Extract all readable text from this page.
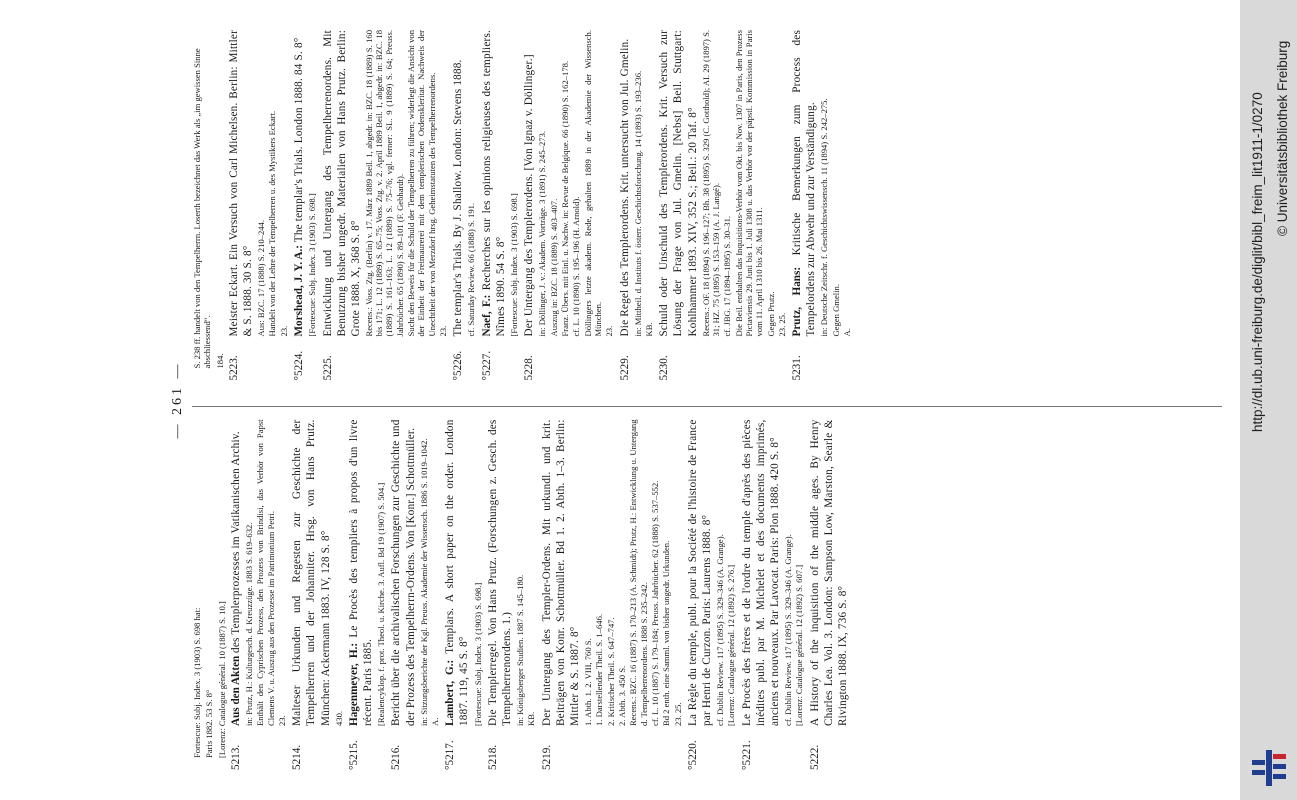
— 261 —
Fortescue: Subj. Index. 3 (1903) S. 698 hat: Paris 1882. 53 S. 8° [Lorenz: Catalogue général. 10 (1887) S. 10.] 5213.
Aus den Akten des Templerprozesses im Vatikanischen Archiv. in: Prutz, H.: Kulturgesch. d. Kreuzzüge. 1883 S. 619–632. Enthält den Cyprischen Prozess, den Prozess von Brindisi, das Verhör von Papst Clemens V. u. Auszug aus den Prozesse im Patrimonium Petri. 23.
5214.
Malteser Urkunden und Regesten zur Geschichte der Tempelherren und der Johanniter. Hrsg. von Hans Prutz. München: Ackermann 1883. IV, 128 S. 8° 430.
°5215.
Hagenmeyer, H.: Le Procès des templiers à propos d'un livre récent. Paris 1885. [Realencyklop. f. prot. Theol. u. Kirche. 3. Aufl. Bd 19 (1907) S. 504.]
5216.
Bericht über die archivalischen Forschungen zur Geschichte und der Prozess des Tempelherrn-Ordens. Von [Konr.] Schottmüller. in: Sitzungsberichte der Kgl. Preuss. Akademie der Wissensch. 1886 S. 1019–1042. A.
°5217.
Lambert, G.: Templars. A short paper on the order. London 1887. 119, 45 S. 8° [Fortescue: Subj. Index. 3 (1903) S. 698.]
5218.
Die Templerregel. Von Hans Prutz. (Forschungen z. Gesch. des Tempelherrenordens. 1.) in: Königsberger Studien. 1887 S. 145–180. KB.
5219.
Der Untergang des Templer-Ordens. Mit urkundl. und krit. Beiträgen von Konr. Schottmüller. Bd 1. 2. Abth. 1–3. Berlin: Mittler & S. 1887. 8° 1. Abth. 1. 2. VIII, 760 S. 1. Darstellender Theil. S. 1–646. 2. Kritischer Theil. S. 647–747. 2. Abth. 3. 450 S. Recens.: BZC. 16 (1887) S. 170–213 (A. Schmidt); Prutz, H.: Entwicklung u. Untergang d. Tempelherrenordens. 1888 S. 235–242. cf. L. 10 (1887) S. 179–184; Preuss. Jahrbücher. 62 (1888) S. 537–552. Bd 2 enth. eine Samml. von bisher ungedr. Urkunden. 23. 25.
°5220.
La Règle du temple, publ. pour la Société de l'histoire de France par Henri de Curzon. Paris: Laurens 1888. 8° cf. Dublin Review. 117 (1895) S. 329–346 (A. Grange). [Lorenz: Catalogue général. 12 (1892) S. 276.]
°5221.
Le Procès des frères et de l'ordre du temple d'après des pièces inédites publ. par M. Michelet et des documents imprimés, anciens et nouveaux. Par Lavocat. Paris: Plon 1888. 420 S. 8° cf. Dublin Review. 117 (1895) S. 329–346 (A. Grange). [Lorenz: Catalogue général. 12 (1892) S. 607.]
5222.
A History of the inquisition of the middle ages. By Henry Charles Lea. Vol. 3. London: Sampson Low, Marston, Searle & Rivington 1888. IX, 736 S. 8°
S. 238 ff. handelt von den Tempelherrn. Loserth bezeichnet das Werk als „im gewissen Sinne abschliessend“. 184. 5223.
Meister Eckart. Ein Versuch von Carl Michelsen. Berlin: Mittler & S. 1888. 30 S. 8° Aus: BZC. 17 (1888) S. 210–244. Handelt von der Lehre der Tempelherren u. des Mystikers Eckart. 23.
°5224.
Morshead, J. Y. A.: The templar's Trials. London 1888. 84 S. 8°
[Fortescue: Subj. Index. 3 (1903) S. 698.]
5225.
Entwicklung und Untergang des Tempelherrenordens. Mit Benutzung bisher ungedr. Materialien von Hans Prutz. Berlin: Grote 1888. X, 368 S. 8° Recens.: Voss. Ztg. (Berlin) v. 17. März 1889 Beil. 1, abgedr. in: BZC. 18 (1889) S. 160 bis 171; L. 12 (1889) S. 65–75; Voss. Ztg. v. 2. April 1889 Beil. 1, abgedr. in: BZC. 18 (1889) S. 161–163; L. 12 (1889) S. 75–76; vgl. ferner: SL. 9 (1889) S. 64; Preuss. Jahrbücher. 65 (1890) S. 89–101 (F. Gebhardt). Sucht den Beweis für die Schuld der Tempelherren zu führen; widerlegt die Ansicht von der Einheit der Freimaurerei mit dem templerischen Ordenskleritat. Nachweis der Unechtheit der von Merzdorf hrsg. Geheimstatuten des Tempelherrenordens. 23.
°5226.
The templar's Trials. By J. Shallow. London: Stevens 1888. cf. Saturday Review. 66 (1888) S. 191.
°5227.
Naef, F.: Recherches sur les opinions religieuses des templiers. Nîmes 1890. 54 S. 8° [Fortescue: Subj. Index. 3 (1903) S. 698.]
5228.
Der Untergang des Templerordens. [Von Ignaz v. Döllinger.] in: Döllinger, J. v.: Akadem. Vorträge. 3 (1891) S. 245–273. Auszug in: BZC. 18 (1889) S. 403–407. Franz. Übers. mit Einl. u. Nachw. in: Revue de Belgique. 66 (1890) S. 162–178. cf. L. 10 (1890) S. 195–196 (H. Arnold). Döllingers letzte akadem. Rede, gehalten 1889 in der Akademie der Wissensch. München. 23.
5229.
Die Regel des Templerordens. Krit. untersucht von Jul. Gmelin. in: Mittheil. d. Instituts f. österr. Geschichtsforschung. 14 (1893) S. 193–236. KB.
5230.
Schuld oder Unschuld des Templerordens. Krit. Versuch zur Lösung der Frage von Jul. Gmelin. [Nebst] Beil. Stuttgart: Kohlhammer 1893. XIV, 352 S.; Beil.: 20 Taf. 8° Recens.: OF. 18 (1894) S. 196–127; Bh. 38 (1895) S. 329 (C. Gotthold); AI. 29 (1897) S. 31; HZ. 75 (1895) S. 153–159 (A. J. Langé). cf. JBG. 17 (1894–1895) S. 30–31. Die Beil. enthalten das Inquisitions-Verhör vom Okt. bis Nov. 1307 in Paris, den Prozess Pictaviensis 29. Juni bis 1. Juli 1308 u. das Verhör vor der päpstl. Kommission in Paris vom 11. April 1310 bis 26. Mai 1311. Gegen Prutz. 23. 25.
5231.
Prutz, Hans: Kritische Bemerkungen zum Process des Tempelordens zur Abwehr und zur Verständigung. in: Deutsche Zeitschr. f. Geschichtswissensch. 11 (1894) S. 242–275. Gegen Gmelin. A.	http://dl.ub.uni-freiburg.de/diglit/bibl_freim_lit1911-1/0270 © Universitätsbibliothek Freiburg
